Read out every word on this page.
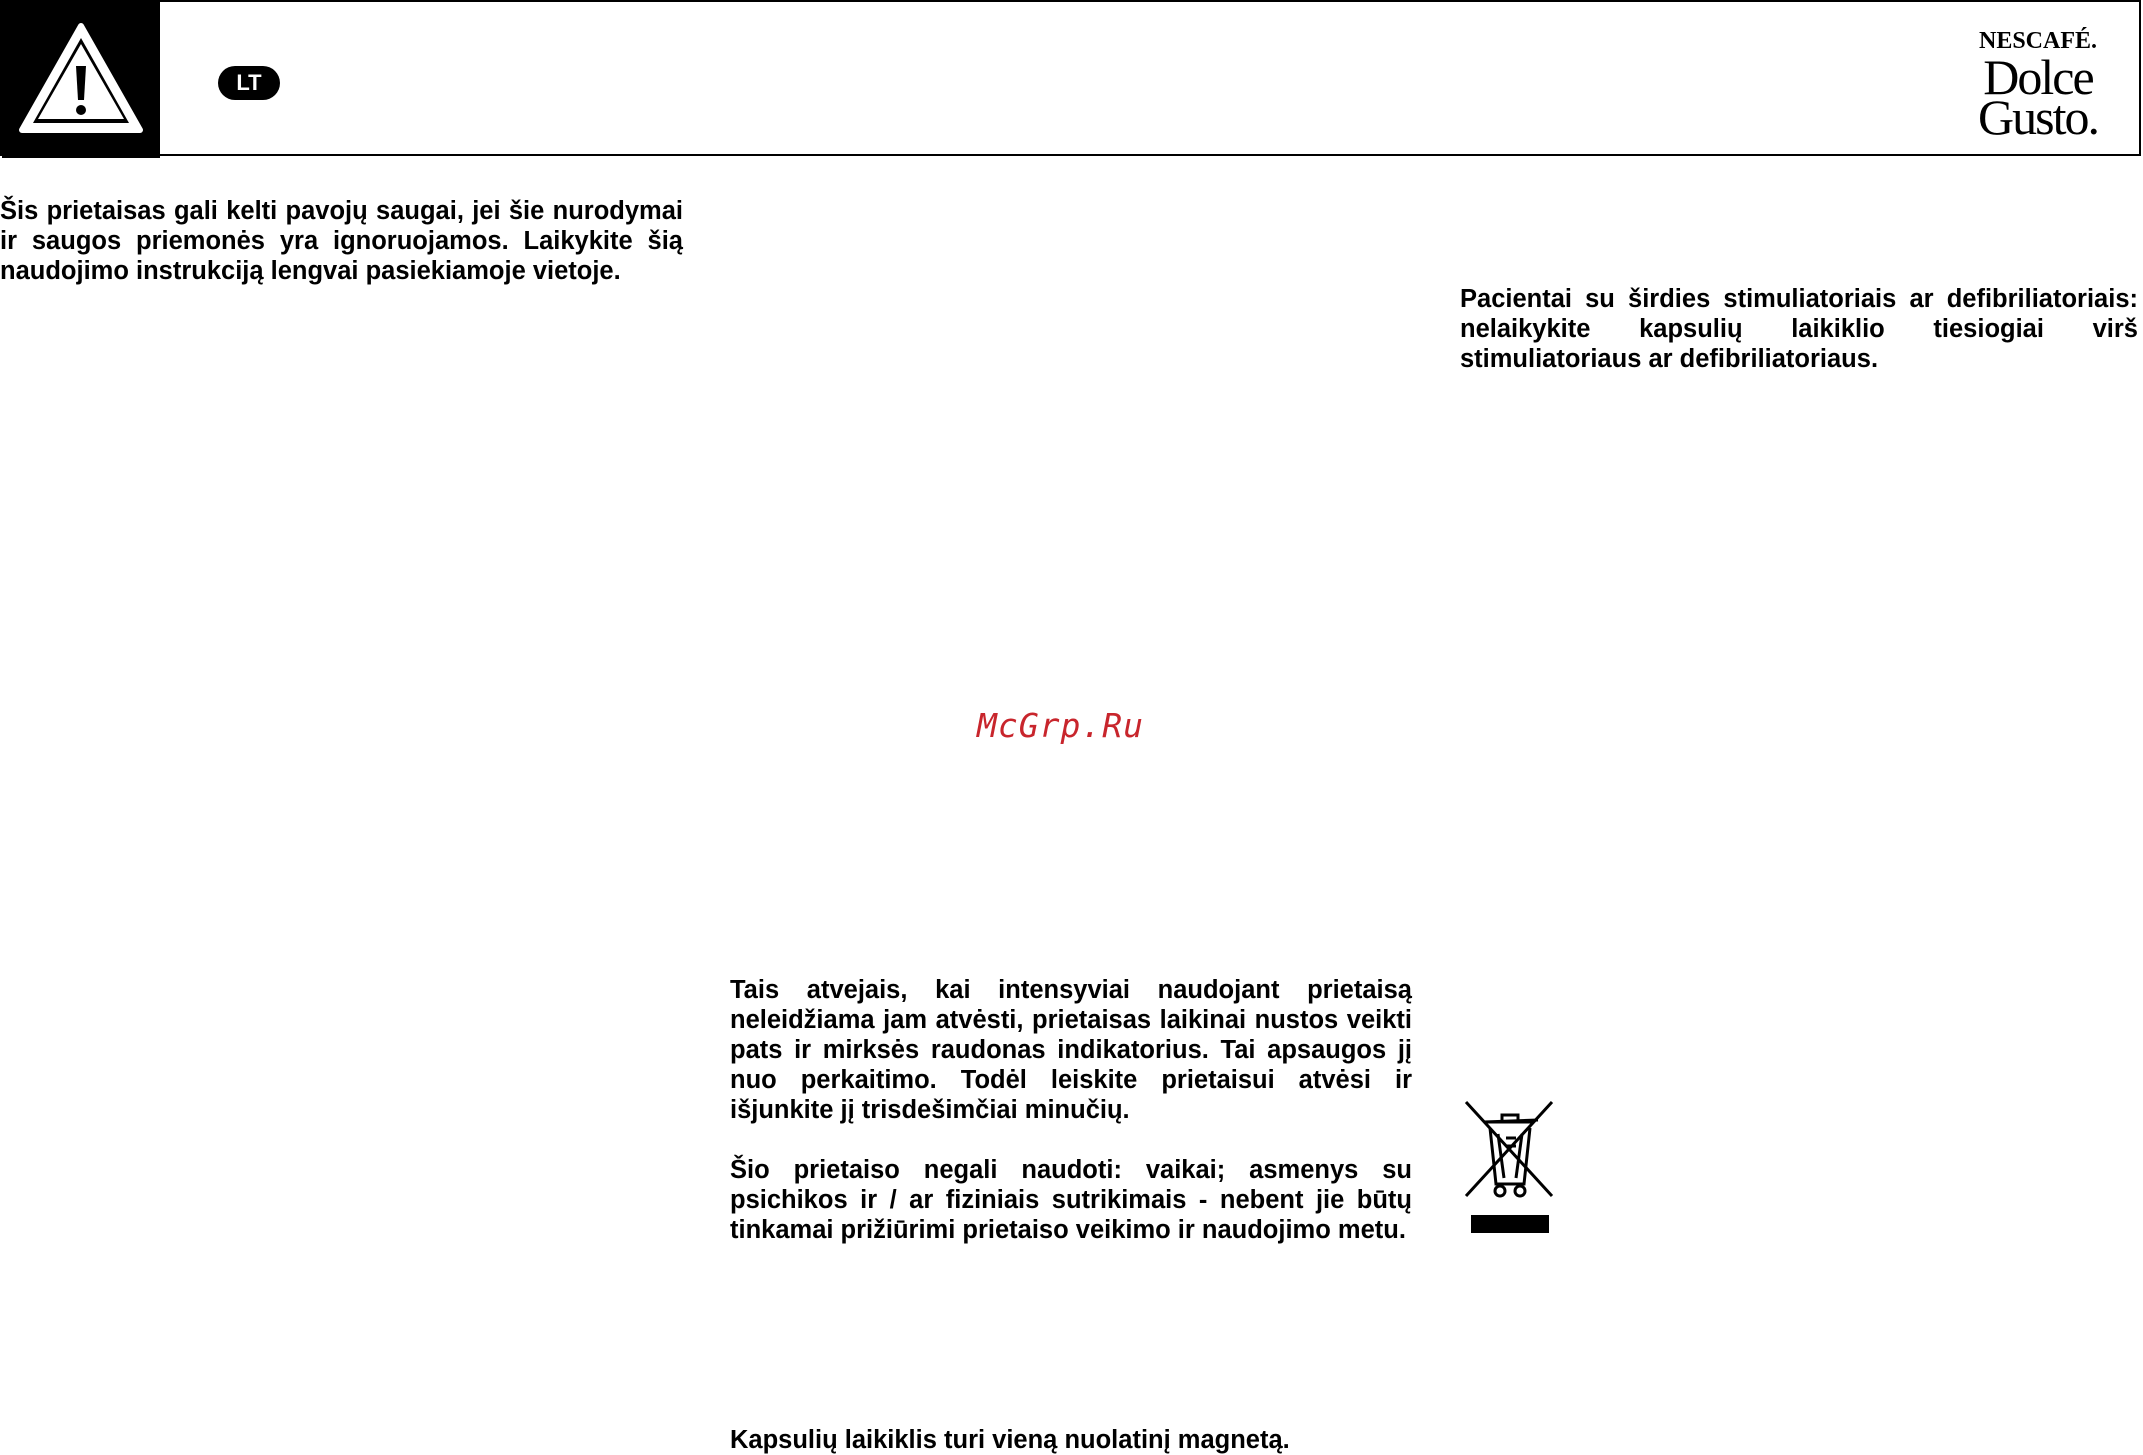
LT
NESCAFÉ.
Dolce
Gusto.

Šis prietaisas gali kelti pavojų saugai, jei šie nurodymai ir saugos priemonės yra ignoruojamos. Laikykite šią naudojimo instrukciją lengvai pasiekiamoje vietoje.

Pacientai su širdies stimuliatoriais ar defibriliatoriais: nelaikykite kapsulių laikiklio tiesiogiai virš stimuliatoriaus ar defibriliatoriaus.

McGrp.Ru

Tais atvejais, kai intensyviai naudojant prietaisą neleidžiama jam atvėsti, prietaisas laikinai nustos veikti pats ir mirksės raudonas indikatorius. Tai apsaugos jį nuo perkaitimo. Todėl leiskite prietaisui atvėsi ir išjunkite jį trisdešimčiai minučių.

Šio prietaiso negali naudoti: vaikai; asmenys su psichikos ir / ar fiziniais sutrikimais - nebent jie būtų tinkamai prižiūrimi prietaiso veikimo ir naudojimo metu.

Kapsulių laikiklis turi vieną nuolatinį magnetą.
